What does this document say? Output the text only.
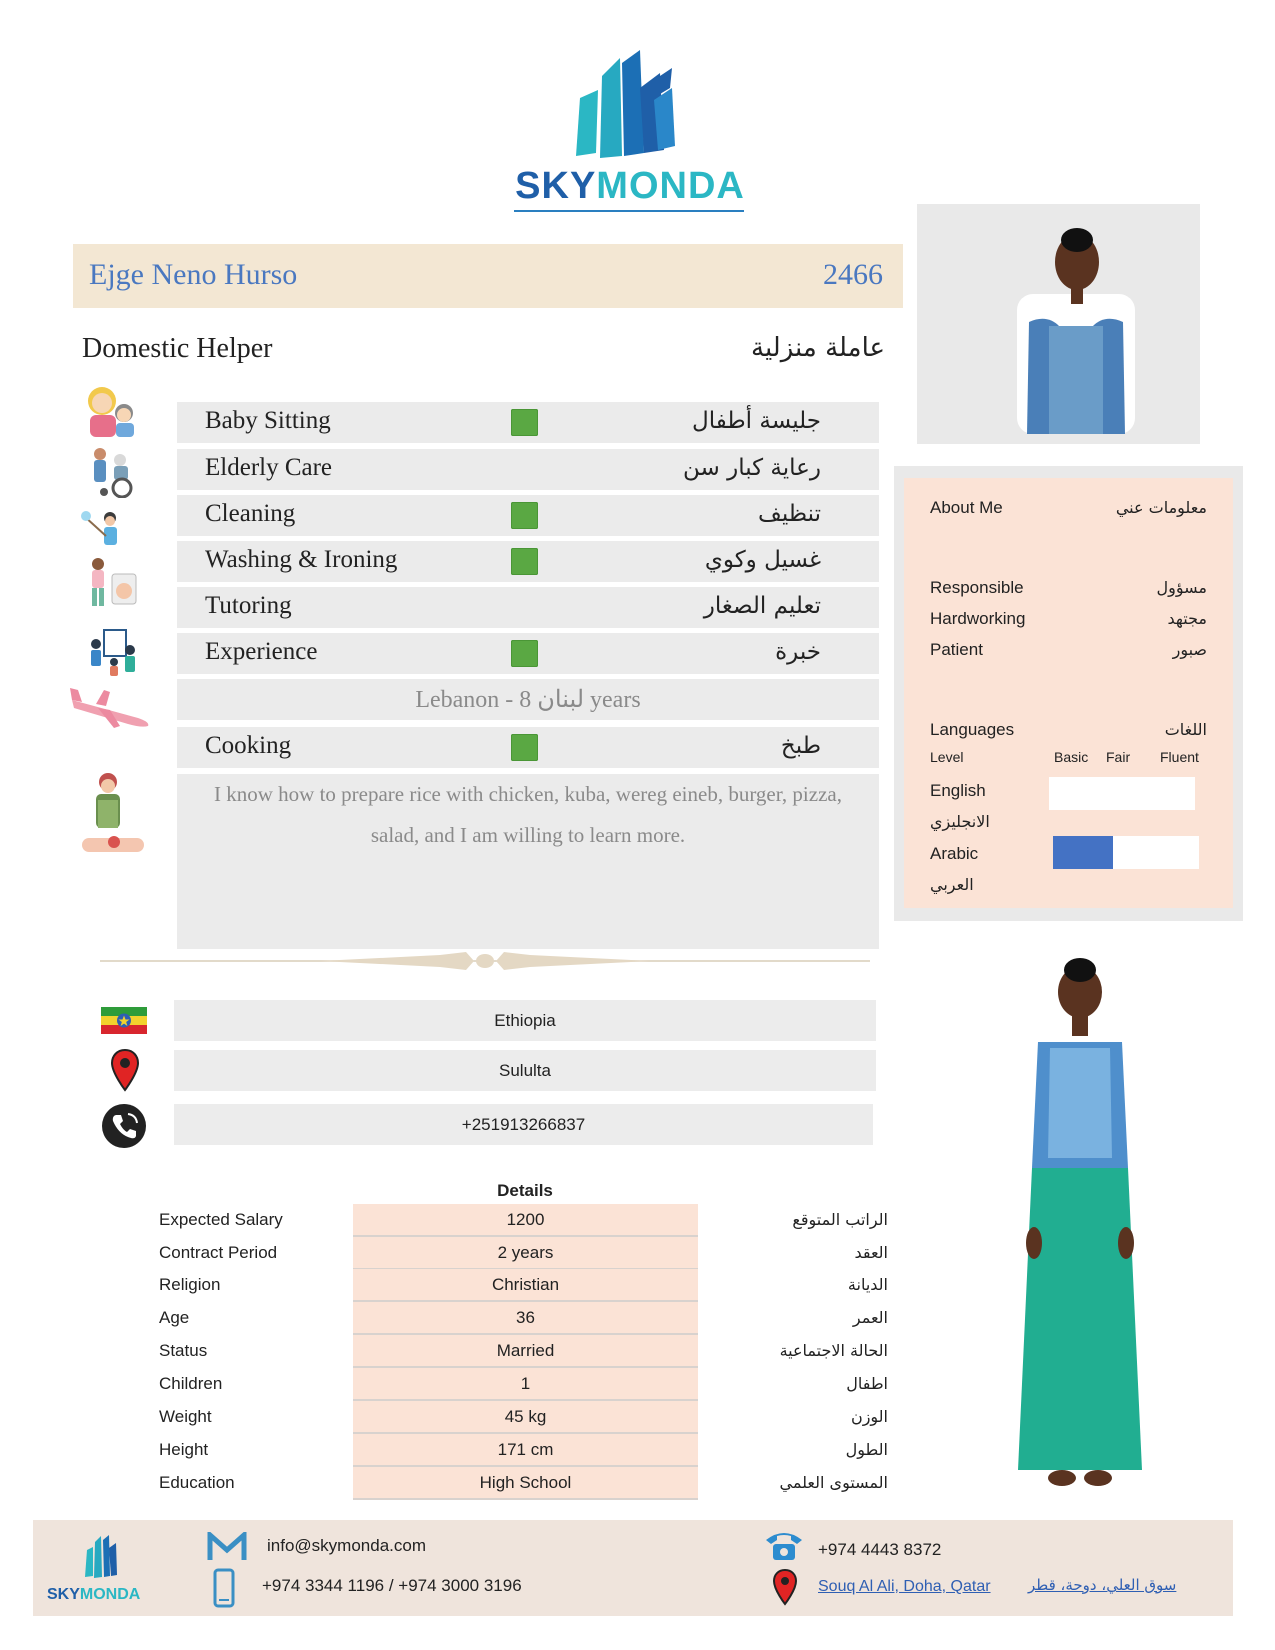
SKYMONDA
Ejge Neno Hurso	2466
Domestic Helper	عاملة منزلية
Baby Sitting	جليسة أطفال
Elderly Care	رعاية كبار سن
Cleaning	تنظيف
Washing & Ironing	غسيل وكوي
Tutoring	تعليم الصغار
Experience	خبرة
Lebanon - لبنان 8 years
Cooking	طبخ
I know how to prepare rice with chicken, kuba, wereg eineb, burger, pizza, salad, and I am willing to learn more.
Ethiopia
Sululta
+251913266837
Details
Expected Salary	1200	الراتب المتوقع
Contract Period	2 years	العقد
Religion	Christian	الديانة
Age	36	العمر
Status	Married	الحالة الاجتماعية
Children	1	اطفال
Weight	45 kg	الوزن
Height	171 cm	الطول
Education	High School	المستوى العلمي
About Me	معلومات عني
Responsible	مسؤول
Hardworking	مجتهد
Patient	صبور
Languages	اللغات
Level	Basic Fair Fluent
English
الانجليزي
Arabic
العربي
SKYMONDA
info@skymonda.com
+974 3344 1196 / +974 3000 3196
+974 4443 8372
Souq Al Ali, Doha, Qatar سوق العلي، دوحة، قطر
